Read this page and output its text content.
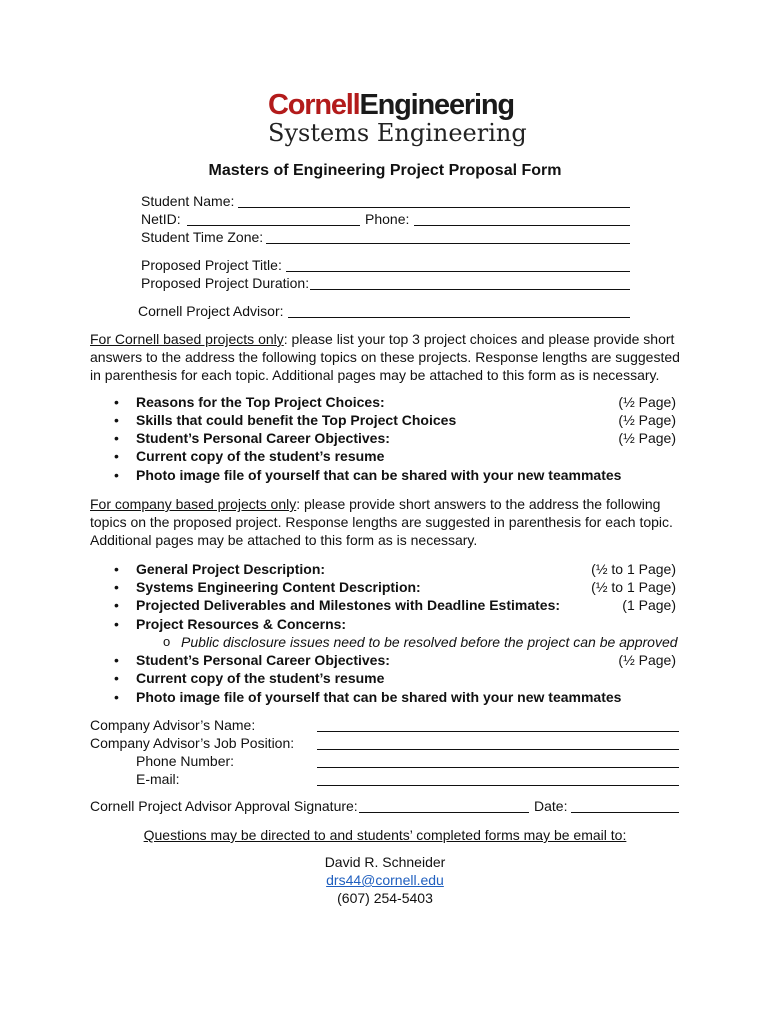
CornellEngineering
Systems Engineering
Masters of Engineering Project Proposal Form
Student Name:
NetID:	Phone:
Student Time Zone:
Proposed Project Title:
Proposed Project Duration:
Cornell Project Advisor:
For Cornell based projects only: please list your top 3 project choices and please provide short answers to the address the following topics on these projects. Response lengths are suggested in parenthesis for each topic. Additional pages may be attached to this form as is necessary.
• Reasons for the Top Project Choices:	(½ Page)
• Skills that could benefit the Top Project Choices	(½ Page)
• Student’s Personal Career Objectives:	(½ Page)
• Current copy of the student’s resume
• Photo image file of yourself that can be shared with your new teammates
For company based projects only: please provide short answers to the address the following topics on the proposed project. Response lengths are suggested in parenthesis for each topic. Additional pages may be attached to this form as is necessary.
• General Project Description:	(½ to 1 Page)
• Systems Engineering Content Description:	(½ to 1 Page)
• Projected Deliverables and Milestones with Deadline Estimates:	(1 Page)
• Project Resources & Concerns:
o Public disclosure issues need to be resolved before the project can be approved
• Student’s Personal Career Objectives:	(½ Page)
• Current copy of the student’s resume
• Photo image file of yourself that can be shared with your new teammates
Company Advisor’s Name:
Company Advisor’s Job Position:
Phone Number:
E-mail:
Cornell Project Advisor Approval Signature:	Date:
Questions may be directed to and students’ completed forms may be email to:
David R. Schneider
drs44@cornell.edu
(607) 254-5403
